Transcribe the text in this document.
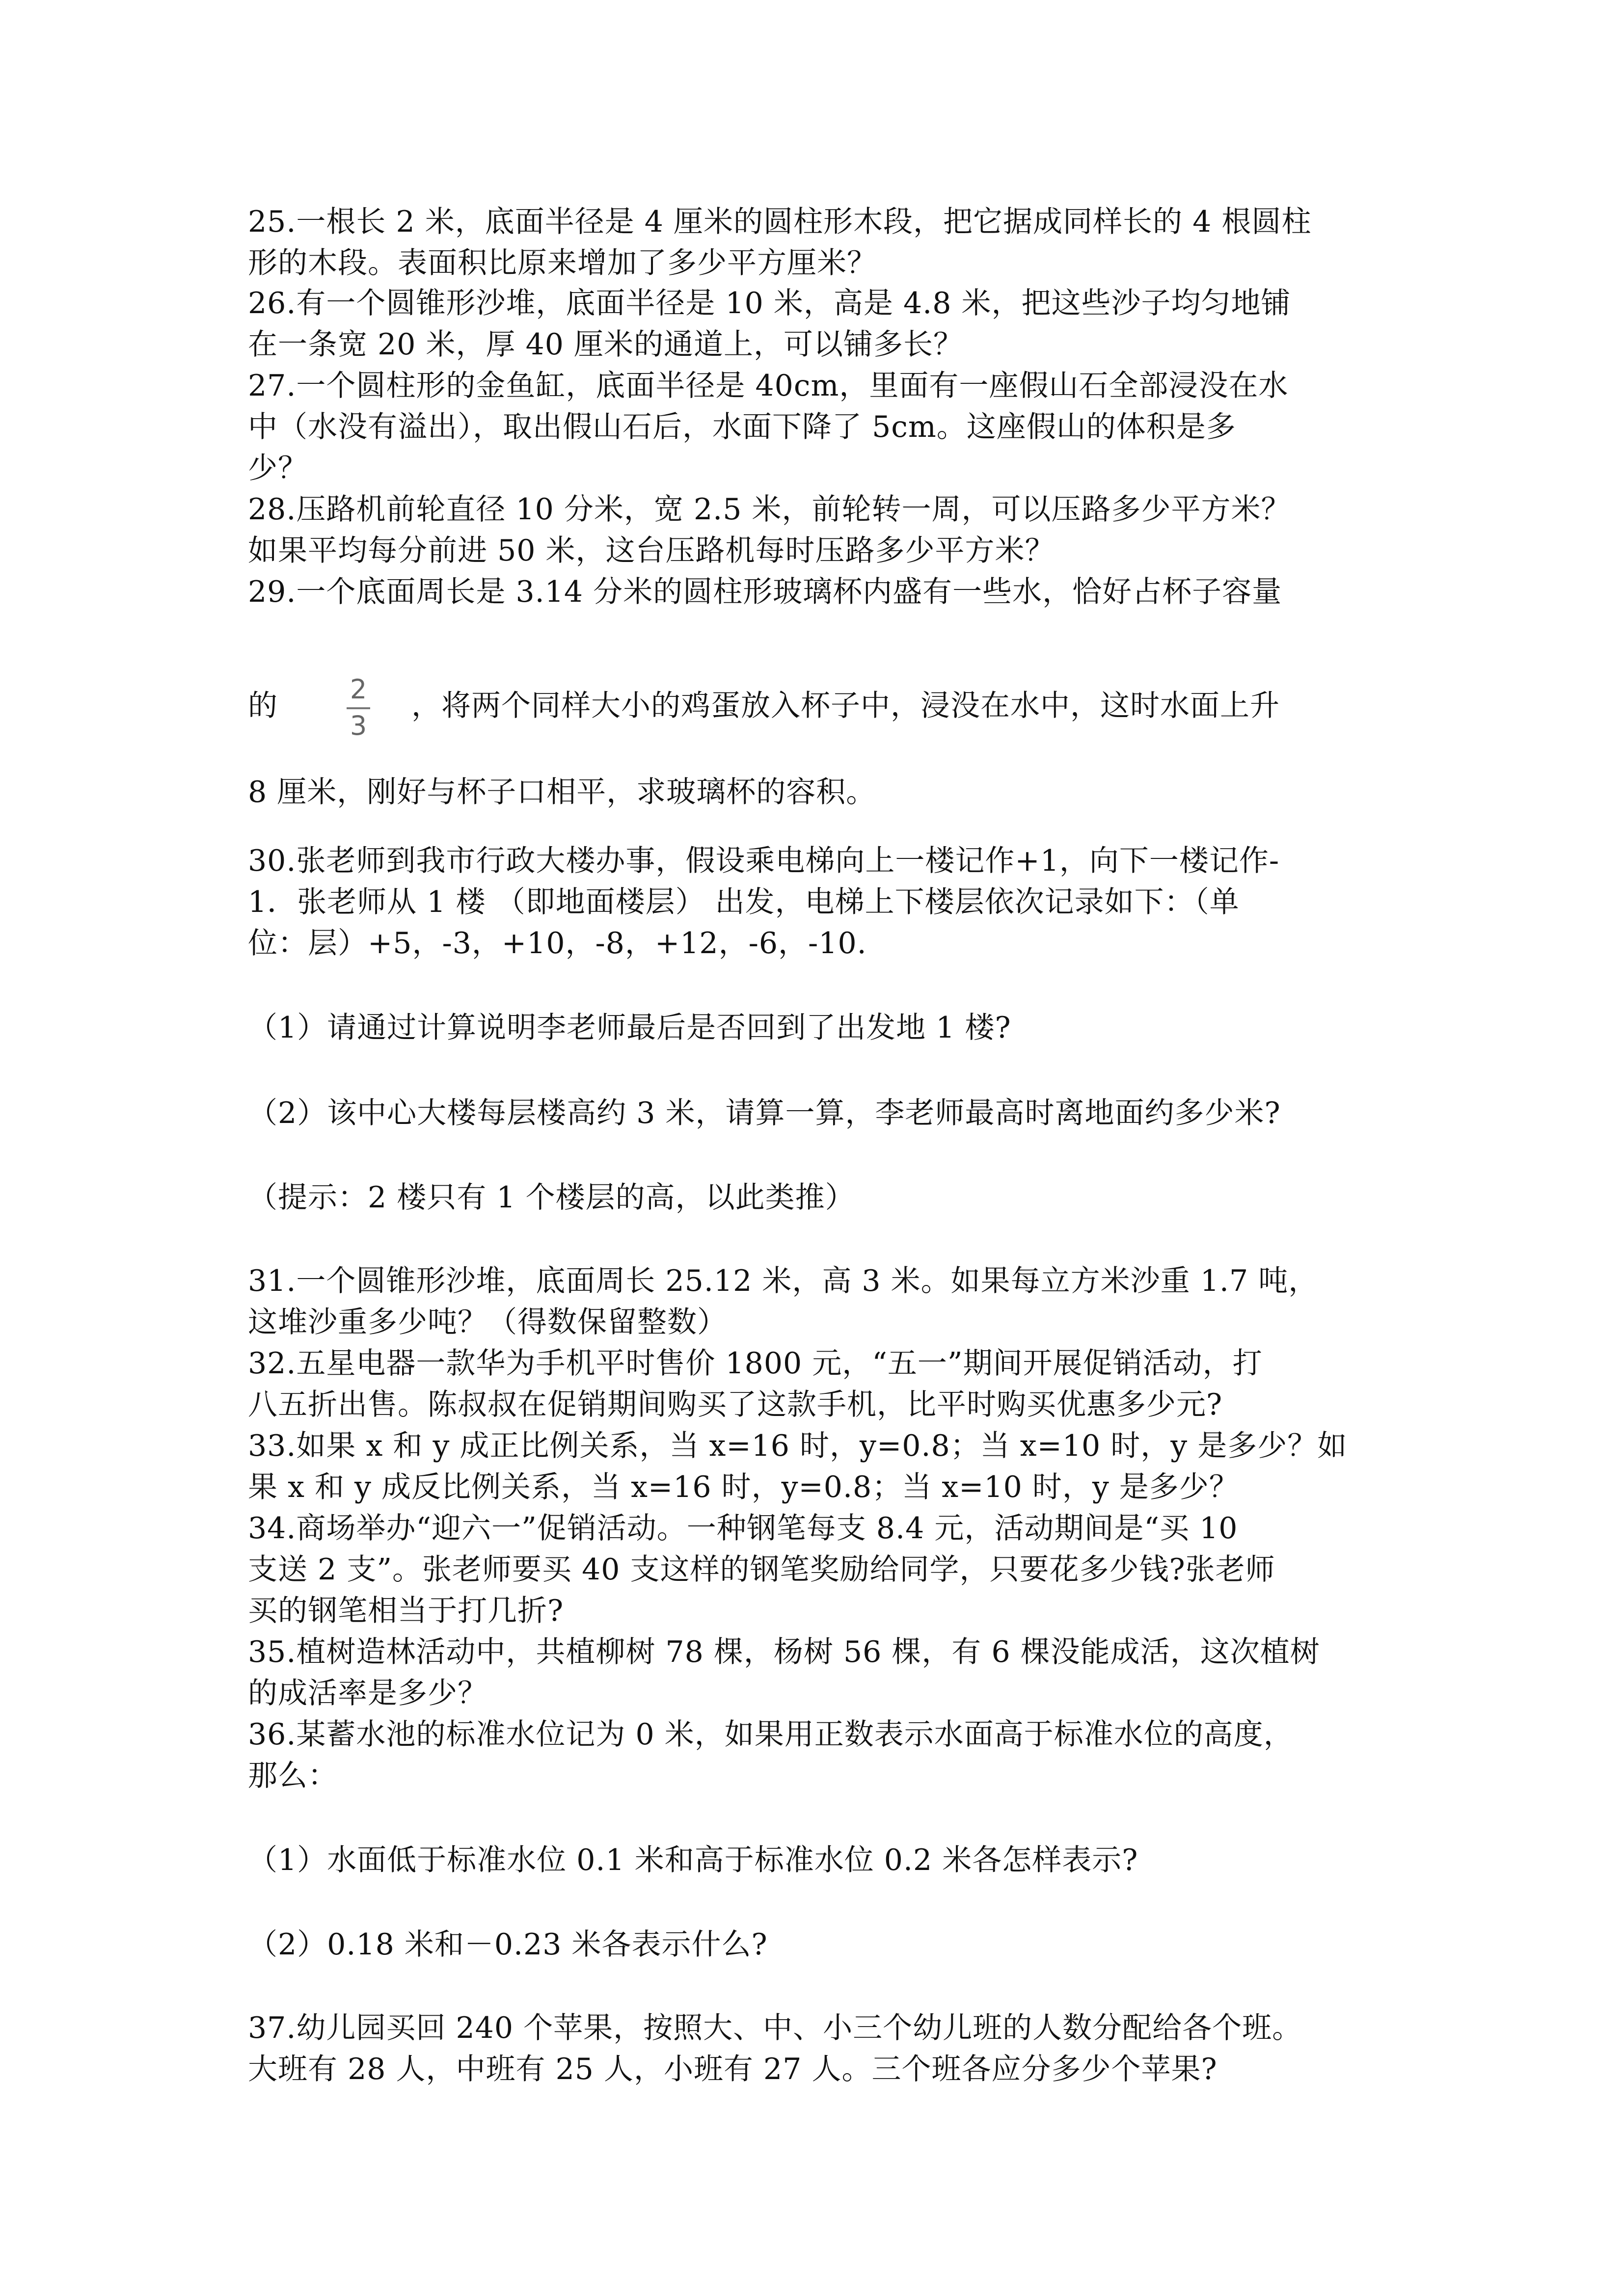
25.一根长 2 米，底面半径是 4 厘米的圆柱形木段，把它据成同样长的 4 根圆柱
形的木段。表面积比原来增加了多少平方厘米？
26.有一个圆锥形沙堆，底面半径是 10 米，高是 4.8 米，把这些沙子均匀地铺
在一条宽 20 米，厚 40 厘米的通道上，可以铺多长？
27.一个圆柱形的金鱼缸，底面半径是 40cm，里面有一座假山石全部浸没在水
中（水没有溢出），取出假山石后，水面下降了 5cm。这座假山的体积是多
少？
28.压路机前轮直径 10 分米，宽 2.5 米，前轮转一周，可以压路多少平方米？
如果平均每分前进 50 米，这台压路机每时压路多少平方米？
29.一个底面周长是 3.14 分米的圆柱形玻璃杯内盛有一些水，恰好占杯子容量
的	2
3
，将两个同样大小的鸡蛋放入杯子中，浸没在水中，这时水面上升
8 厘米，刚好与杯子口相平，求玻璃杯的容积。
30.张老师到我市行政大楼办事，假设乘电梯向上一楼记作+1，向下一楼记作-
1．张老师从 1 楼 （即地面楼层） 出发，电梯上下楼层依次记录如下：（单
位：层）+5，-3，+10，-8，+12，-6，-10.
（1）请通过计算说明李老师最后是否回到了出发地 1 楼?
（2）该中心大楼每层楼高约 3 米，请算一算，李老师最高时离地面约多少米?
（提示：2 楼只有 1 个楼层的高，以此类推）
31.一个圆锥形沙堆，底面周长 25.12 米，高 3 米。如果每立方米沙重 1.7 吨，
这堆沙重多少吨？（得数保留整数）
32.五星电器一款华为手机平时售价 1800 元，“五一”期间开展促销活动，打
八五折出售。陈叔叔在促销期间购买了这款手机，比平时购买优惠多少元?
33.如果 x 和 y 成正比例关系，当 x=16 时，y=0.8；当 x=10 时，y 是多少？如
果 x 和 y 成反比例关系，当 x=16 时，y=0.8；当 x=10 时，y 是多少？
34.商场举办“迎六一”促销活动。一种钢笔每支 8.4 元，活动期间是“买 10
支送 2 支”。张老师要买 40 支这样的钢笔奖励给同学，只要花多少钱?张老师
买的钢笔相当于打几折?
35.植树造林活动中，共植柳树 78 棵，杨树 56 棵，有 6 棵没能成活，这次植树
的成活率是多少？
36.某蓄水池的标准水位记为 0 米，如果用正数表示水面高于标准水位的高度，
那么：
（1）水面低于标准水位 0.1 米和高于标准水位 0.2 米各怎样表示?
（2）0.18 米和－0.23 米各表示什么?
37.幼儿园买回 240 个苹果，按照大、中、小三个幼儿班的人数分配给各个班。
大班有 28 人，中班有 25 人，小班有 27 人。三个班各应分多少个苹果?
